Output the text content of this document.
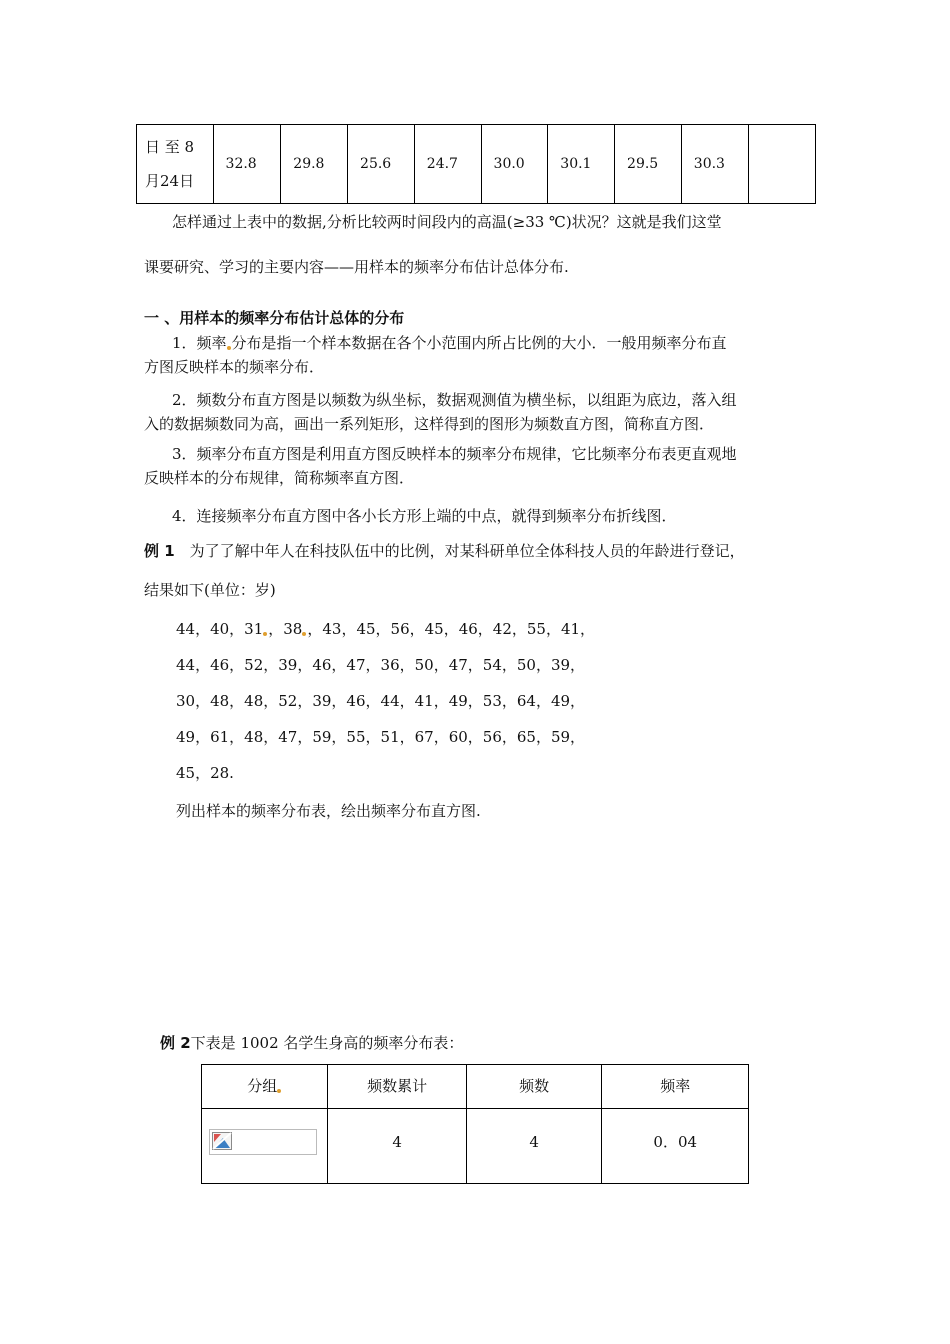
日 至 8
月24日
	32.8	29.8	25.6	24.7	30.0	30.1	29.5	30.3	
怎样通过上表中的数据,分析比较两时间段内的高温(≥33 ℃)状况？这就是我们这堂
课要研究、学习的主要内容——用样本的频率分布估计总体分布.
一 、用样本的频率分布估计总体的分布
1．频率 分布是指一个样本数据在各个小范围内所占比例的大小．一般用频率分布直
方图反映样本的频率分布．
2．频数分布直方图是以频数为纵坐标，数据观测值为横坐标，以组距为底边，落入组
入的数据频数同为高，画出一系列矩形，这样得到的图形为频数直方图，简称直方图．
3．频率分布直方图是利用直方图反映样本的频率分布规律，它比频率分布表更直观地
反映样本的分布规律，简称频率直方图．
4．连接频率分布直方图中各小长方形上端的中点，就得到频率分布折线图．
例 1　为了了解中年人在科技队伍中的比例，对某科研单位全体科技人员的年龄进行登记，
结果如下(单位：岁)
44，40，31 ，38 ，43，45，56，45，46，42，55，41，
44，46，52，39，46，47，36，50，47，54，50，39，
30，48，48，52，39，46，44，41，49，53，64，49，
49，61，48，47，59，55，51，67，60，56，65，59，
45，28.
列出样本的频率分布表，绘出频率分布直方图.
例 2下表是 1002 名学生身高的频率分布表：
分组	频数累计	频数	频率

	4	4	0．04
